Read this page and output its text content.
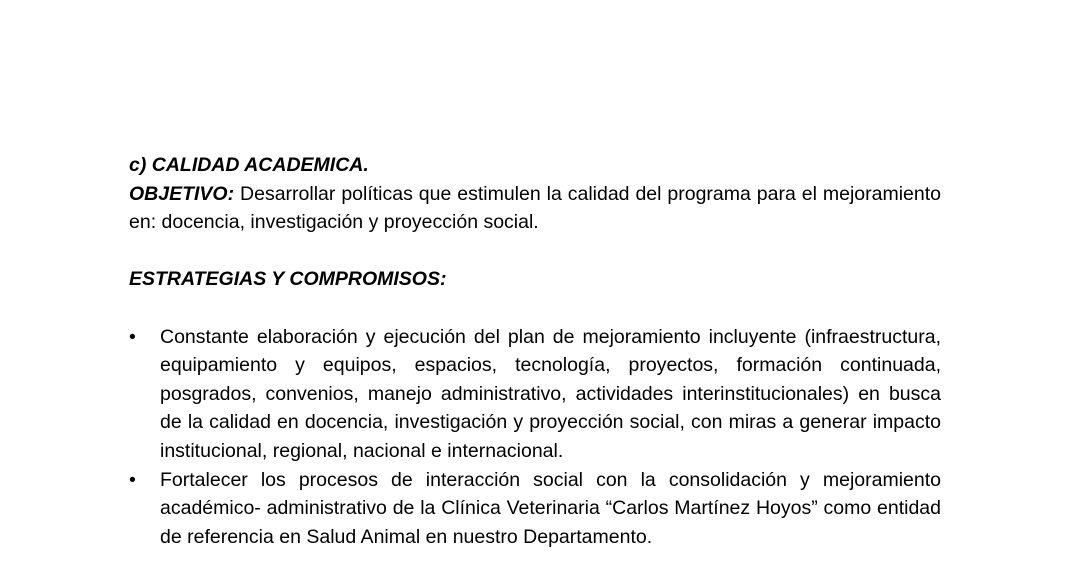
c) CALIDAD ACADEMICA.

OBJETIVO: Desarrollar políticas que estimulen la calidad del programa para el mejoramiento en: docencia, investigación y proyección social.

ESTRATEGIAS Y COMPROMISOS:

• Constante elaboración y ejecución del plan de mejoramiento incluyente (infraestructura, equipamiento y equipos, espacios, tecnología, proyectos, formación continuada, posgrados, convenios, manejo administrativo, actividades interinstitucionales) en busca de la calidad en docencia, investigación y proyección social, con miras a generar impacto institucional, regional, nacional e internacional.
• Fortalecer los procesos de interacción social con la consolidación y mejoramiento académico- administrativo de la Clínica Veterinaria “Carlos Martínez Hoyos” como entidad de referencia en Salud Animal en nuestro Departamento.
